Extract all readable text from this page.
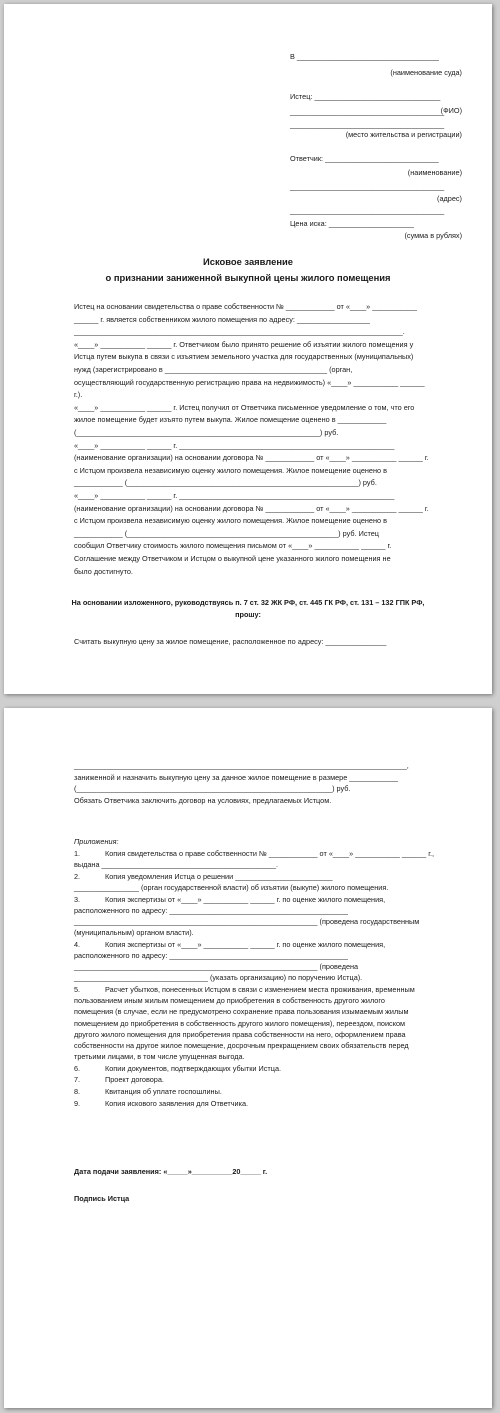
В ___________________________________
(наименование суда)
Истец: _______________________________
______________________________________
(ФИО)
______________________________________
(место жительства и регистрации)
Ответчик: ____________________________
(наименование)
______________________________________
(адрес)
______________________________________
Цена иска: _____________________
(сумма в рублях)
Исковое заявление
о признании заниженной выкупной цены жилого помещения
Истец на основании свидетельства о праве собственности № ____________ от «____» ___________
______ г. является собственником жилого помещения по адресу: __________________
_________________________________________________________________________________.
«____» ___________ ______ г. Ответчиком было принято решение об изъятии жилого помещения у
Истца путем выкупа в связи с изъятием земельного участка для государственных (муниципальных)
нужд (зарегистрировано в ________________________________________ (орган,
осуществляющий государственную регистрацию права на недвижимость) «____» ___________ ______
г.).
«____» ___________ ______ г. Истец получил от Ответчика письменное уведомление о том, что его
жилое помещение будет изъято путем выкупа. Жилое помещение оценено в ____________
(____________________________________________________________) руб.
«____» ___________ ______ г. _____________________________________________________
(наименование организации) на основании договора № ____________ от «____» ___________ ______ г.
с Истцом произвела независимую оценку жилого помещения. Жилое помещение оценено в
____________ (_________________________________________________________) руб.
«____» ___________ ______ г. _____________________________________________________
(наименование организации) на основании договора № ____________ от «____» ___________ ______ г.
с Истцом произвела независимую оценку жилого помещения. Жилое помещение оценено в
____________ (____________________________________________________) руб. Истец
сообщил Ответчику стоимость жилого помещения письмом от «____» ___________ ______ г.
Соглашение между Ответчиком и Истцом о выкупной цене указанного жилого помещения не
было достигнуто.
На основании изложенного, руководствуясь п. 7 ст. 32 ЖК РФ, ст. 445 ГК РФ, ст. 131 – 132 ГПК РФ,
прошу:
Считать выкупную цену за жилое помещение, расположенное по адресу: _______________
__________________________________________________________________________________,
заниженной и назначить выкупную цену за данное жилое помещение в размере ____________
(_______________________________________________________________) руб.
Обязать Ответчика заключить договор на условиях, предлагаемых Истцом.
Приложения:
1.	Копия свидетельства о праве собственности № ____________ от «____» ___________ ______ г.,
выдана ___________________________________________.
2.	Копия уведомления Истца о решении ________________________
________________ (орган государственной власти) об изъятии (выкупе) жилого помещения.
3.	Копия экспертизы от «____» ___________ ______ г. по оценке жилого помещения,
расположенного по адресу: ____________________________________________
____________________________________________________________ (проведена государственным
(муниципальным) органом власти).
4.	Копия экспертизы от «____» ___________ ______ г. по оценке жилого помещения,
расположенного по адресу: ____________________________________________
____________________________________________________________ (проведена
_________________________________ (указать организацию) по поручению Истца).
5.	Расчет убытков, понесенных Истцом в связи с изменением места проживания, временным
пользованием иным жилым помещением до приобретения в собственность другого жилого
помещения (в случае, если не предусмотрено сохранение права пользования изымаемым жилым
помещением до приобретения в собственность другого жилого помещения), переездом, поиском
другого жилого помещения для приобретения права собственности на него, оформлением права
собственности на другое жилое помещение, досрочным прекращением своих обязательств перед
третьими лицами, в том числе упущенная выгода.
6.	Копии документов, подтверждающих убытки Истца.
7.	Проект договора.
8.	Квитанция об уплате госпошлины.
9.	Копия искового заявления для Ответчика.
Дата подачи заявления: «_____»__________20_____ г.
Подпись Истца
